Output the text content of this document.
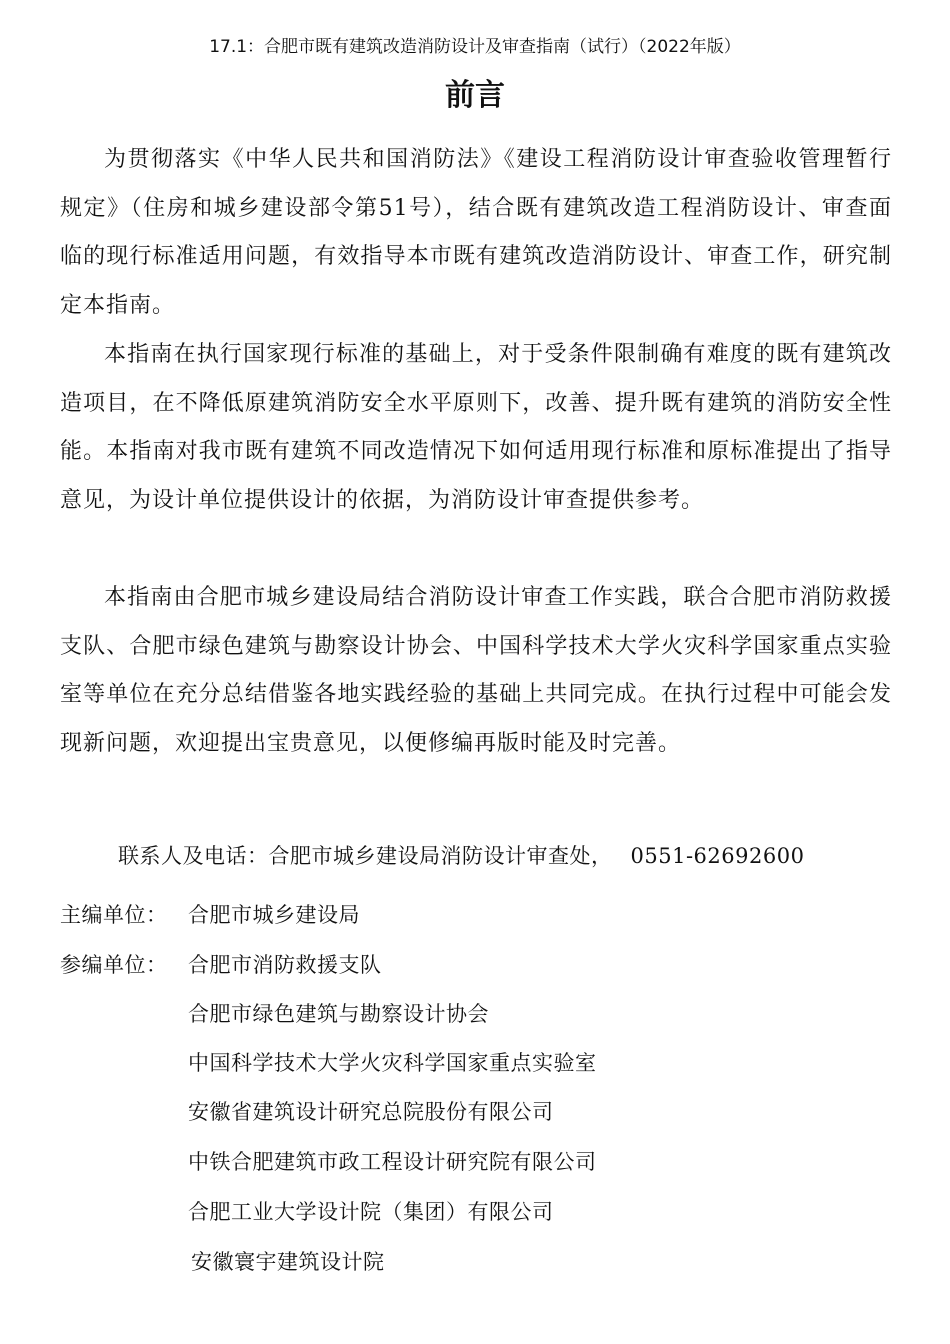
17.1：合肥市既有建筑改造消防设计及审查指南（试行）（2022年版）
前言

为贯彻落实《中华人民共和国消防法》《建设工程消防设计审查验收管理暂行规定》（住房和城乡建设部令第51号），结合既有建筑改造工程消防设计、审查面临的现行标准适用问题，有效指导本市既有建筑改造消防设计、审查工作，研究制定本指南。

本指南在执行国家现行标准的基础上，对于受条件限制确有难度的既有建筑改造项目，在不降低原建筑消防安全水平原则下，改善、提升既有建筑的消防安全性能。本指南对我市既有建筑不同改造情况下如何适用现行标准和原标准提出了指导意见，为设计单位提供设计的依据，为消防设计审查提供参考。

本指南由合肥市城乡建设局结合消防设计审查工作实践，联合合肥市消防救援支队、合肥市绿色建筑与勘察设计协会、中国科学技术大学火灾科学国家重点实验室等单位在充分总结借鉴各地实践经验的基础上共同完成。在执行过程中可能会发现新问题，欢迎提出宝贵意见，以便修编再版时能及时完善。

联系人及电话：合肥市城乡建设局消防设计审查处， 0551-62692600
主编单位： 合肥市城乡建设局
参编单位： 合肥市消防救援支队
合肥市绿色建筑与勘察设计协会
中国科学技术大学火灾科学国家重点实验室
安徽省建筑设计研究总院股份有限公司
中铁合肥建筑市政工程设计研究院有限公司
合肥工业大学设计院（集团）有限公司
安徽寰宇建筑设计院
